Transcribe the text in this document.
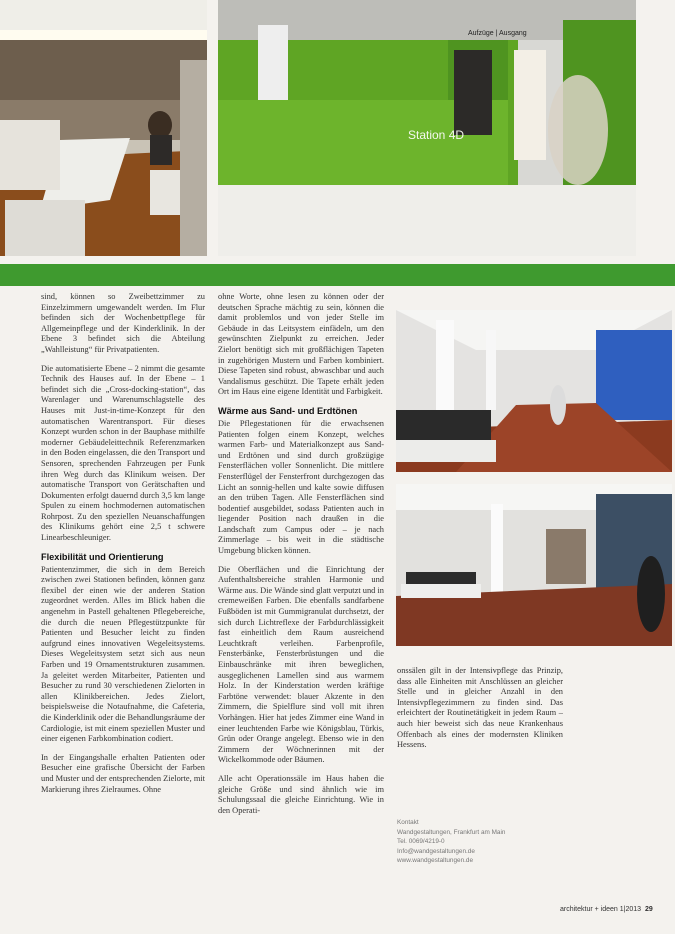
Station 4D
Aufzüge | Ausgang

sind, können so Zweibettzimmer zu Einzelzimmern umgewandelt werden. Im Flur befinden sich der Wochenbettpflege für Allgemeinpflege und der Kinderklinik. In der Ebene 3 befindet sich die Abteilung „Wahlleistung“ für Privatpatienten.

Die automatisierte Ebene – 2 nimmt die gesamte Technik des Hauses auf. In der Ebene – 1 befindet sich die „Cross-docking-station“, das Warenlager und Warenumschlagstelle des Hauses mit Just-in-time-Konzept für den automatischen Warentransport. Für dieses Konzept wurden schon in der Bauphase mithilfe moderner Gebäudeleittechnik Referenzmarken in den Boden eingelassen, die den Transport und Sensoren, sprechenden Fahrzeugen per Funk ihren Weg durch das Klinikum weisen. Der automatische Transport von Gerätschaften und Dokumenten erfolgt dauernd durch 3,5 km lange Spulen zu einem hochmodernen automatischen Rohrpost. Zu den speziellen Neuanschaffungen des Klinikums gehört eine 2,5 t schwere Linearbeschleuniger.

Flexibilität und Orientierung

Patientenzimmer, die sich in dem Bereich zwischen zwei Stationen befinden, können ganz flexibel der einen wie der anderen Station zugeordnet werden. Alles im Blick haben die angenehm in Pastell gehaltenen Pflegebereiche, die durch die neuen Pflegestützpunkte für Patienten und Besucher leicht zu finden aufgrund eines innovativen Wegeleitsystems. Dieses Wegeleitsystem setzt sich aus neun Farben und 19 Ornamentstrukturen zusammen. Ja geleitet werden Mitarbeiter, Patienten und Besucher zu rund 30 verschiedenen Zielorten in allen Klinikbereichen. Jedes Zielort, beispielsweise die Notaufnahme, die Cafeteria, die Kinderklinik oder die Behandlungsräume der Cardiologie, ist mit einem speziellen Muster und einer eigenen Farbkombination codiert.

In der Eingangshalle erhalten Patienten oder Besucher eine grafische Übersicht der Farben und Muster und der entsprechenden Zielorte, mit Markierung ihres Zielraumes. Ohne

ohne Worte, ohne lesen zu können oder der deutschen Sprache mächtig zu sein, können die damit problemlos und von jeder Stelle im Gebäude in das Leitsystem einfädeln, um den gewünschten Zielpunkt zu erreichen. Jeder Zielort benötigt sich mit großflächigen Tapeten in zugehörigen Mustern und Farben kombiniert. Diese Tapeten sind robust, abwaschbar und auch Vandalismus geschützt. Die Tapete erhält jeden Ort im Haus eine eigene Identität und Farbigkeit.

Wärme aus Sand- und Erdtönen

Die Pflegestationen für die erwachsenen Patienten folgen einem Konzept, welches warmen Farb- und Materialkonzept aus Sand- und Erdtönen und sind durch großzügige Fensterflächen voller Sonnenlicht. Die mittlere Fensterflügel der Fensterfront durchgezogen das Licht an sonnig-hellen und kalte sowie diffusen an den trüben Tagen. Alle Fensterflächen sind bodentief ausgebildet, sodass Patienten auch in liegender Position nach draußen in die Landschaft zum Campus oder – je nach Zimmerlage – bis weit in die städtische Umgebung blicken können.

Die Oberflächen und die Einrichtung der Aufenthaltsbereiche strahlen Harmonie und Wärme aus. Die Wände sind glatt verputzt und in cremeweißen Farben. Die ebenfalls sandfarbene Fußböden ist mit Gummigranulat durchsetzt, der sich durch Lichtreflexe der Farbdurchlässigkeit fast einheitlich dem Raum ausreichend Leuchtkraft verleihen. Farbenprofile, Fensterbänke, Fensterbrüstungen und die Einbauschränke mit ihren beweglichen, ausgeglichenen Lamellen sind aus warmem Holz. In der Kinderstation werden kräftige Farbtöne verwendet: blauer Akzente in den Zimmern, die Spielflure sind voll mit ihren Vorhängen. Hier hat jedes Zimmer eine Wand in einer leuchtenden Farbe wie Königsblau, Türkis, Grün oder Orange angelegt. Ebenso wie in den Zimmern der Wöchnerinnen mit der Wickelkommode oder Bäumen.

Alle acht Operationssäle im Haus haben die gleiche Größe und sind ähnlich wie im Schulungssaal die gleiche Einrichtung. Wie in den Operati-

onssälen gilt in der Intensivpflege das Prinzip, dass alle Einheiten mit Anschlüssen an gleicher Stelle und in gleicher Anzahl in den Intensivpflegezimmern zu finden sind. Das erleichtert der Routinetätigkeit in jedem Raum – auch hier beweist sich das neue Krankenhaus Offenbach als eines der modernsten Kliniken Hessens.

Kontakt
Wandgestaltungen, Frankfurt am Main
Tel. 0069/4219-0
Info@wandgestaltungen.de
www.wandgestaltungen.de
architektur + ideen 1|2013 29
